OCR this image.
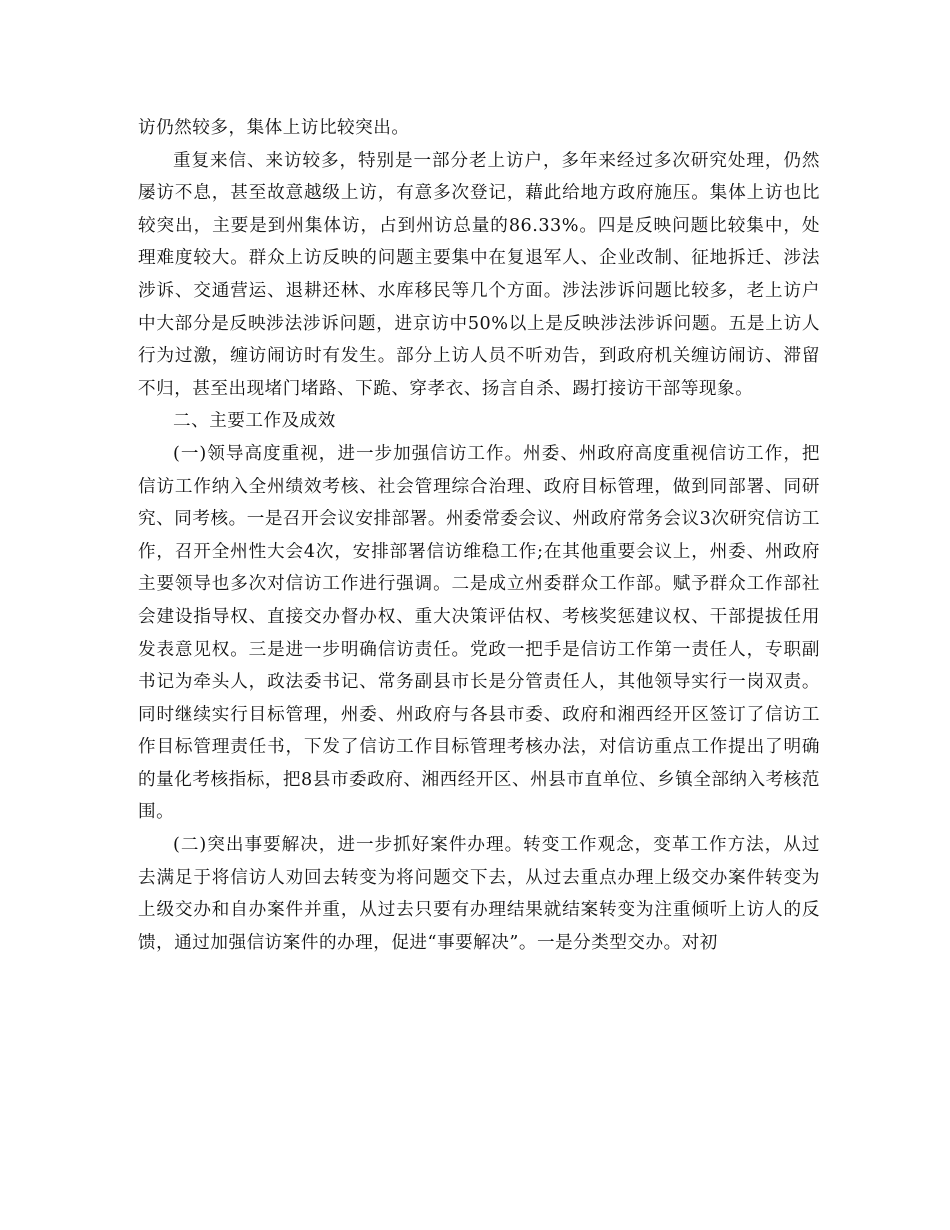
访仍然较多，集体上访比较突出。

重复来信、来访较多，特别是一部分老上访户，多年来经过多次研究处理，仍然屡访不息，甚至故意越级上访，有意多次登记，藉此给地方政府施压。集体上访也比较突出，主要是到州集体访，占到州访总量的86.33%。四是反映问题比较集中，处理难度较大。群众上访反映的问题主要集中在复退军人、企业改制、征地拆迁、涉法涉诉、交通营运、退耕还林、水库移民等几个方面。涉法涉诉问题比较多，老上访户中大部分是反映涉法涉诉问题，进京访中50%以上是反映涉法涉诉问题。五是上访人行为过激，缠访闹访时有发生。部分上访人员不听劝告，到政府机关缠访闹访、滞留不归，甚至出现堵门堵路、下跪、穿孝衣、扬言自杀、踢打接访干部等现象。

二、主要工作及成效

(一)领导高度重视，进一步加强信访工作。州委、州政府高度重视信访工作，把信访工作纳入全州绩效考核、社会管理综合治理、政府目标管理，做到同部署、同研究、同考核。一是召开会议安排部署。州委常委会议、州政府常务会议3次研究信访工作，召开全州性大会4次，安排部署信访维稳工作;在其他重要会议上，州委、州政府主要领导也多次对信访工作进行强调。二是成立州委群众工作部。赋予群众工作部社会建设指导权、直接交办督办权、重大决策评估权、考核奖惩建议权、干部提拔任用发表意见权。三是进一步明确信访责任。党政一把手是信访工作第一责任人，专职副书记为牵头人，政法委书记、常务副县市长是分管责任人，其他领导实行一岗双责。同时继续实行目标管理，州委、州政府与各县市委、政府和湘西经开区签订了信访工作目标管理责任书，下发了信访工作目标管理考核办法，对信访重点工作提出了明确的量化考核指标，把8县市委政府、湘西经开区、州县市直单位、乡镇全部纳入考核范围。

(二)突出事要解决，进一步抓好案件办理。转变工作观念，变革工作方法，从过去满足于将信访人劝回去转变为将问题交下去，从过去重点办理上级交办案件转变为上级交办和自办案件并重，从过去只要有办理结果就结案转变为注重倾听上访人的反馈，通过加强信访案件的办理，促进“事要解决”。一是分类型交办。对初
